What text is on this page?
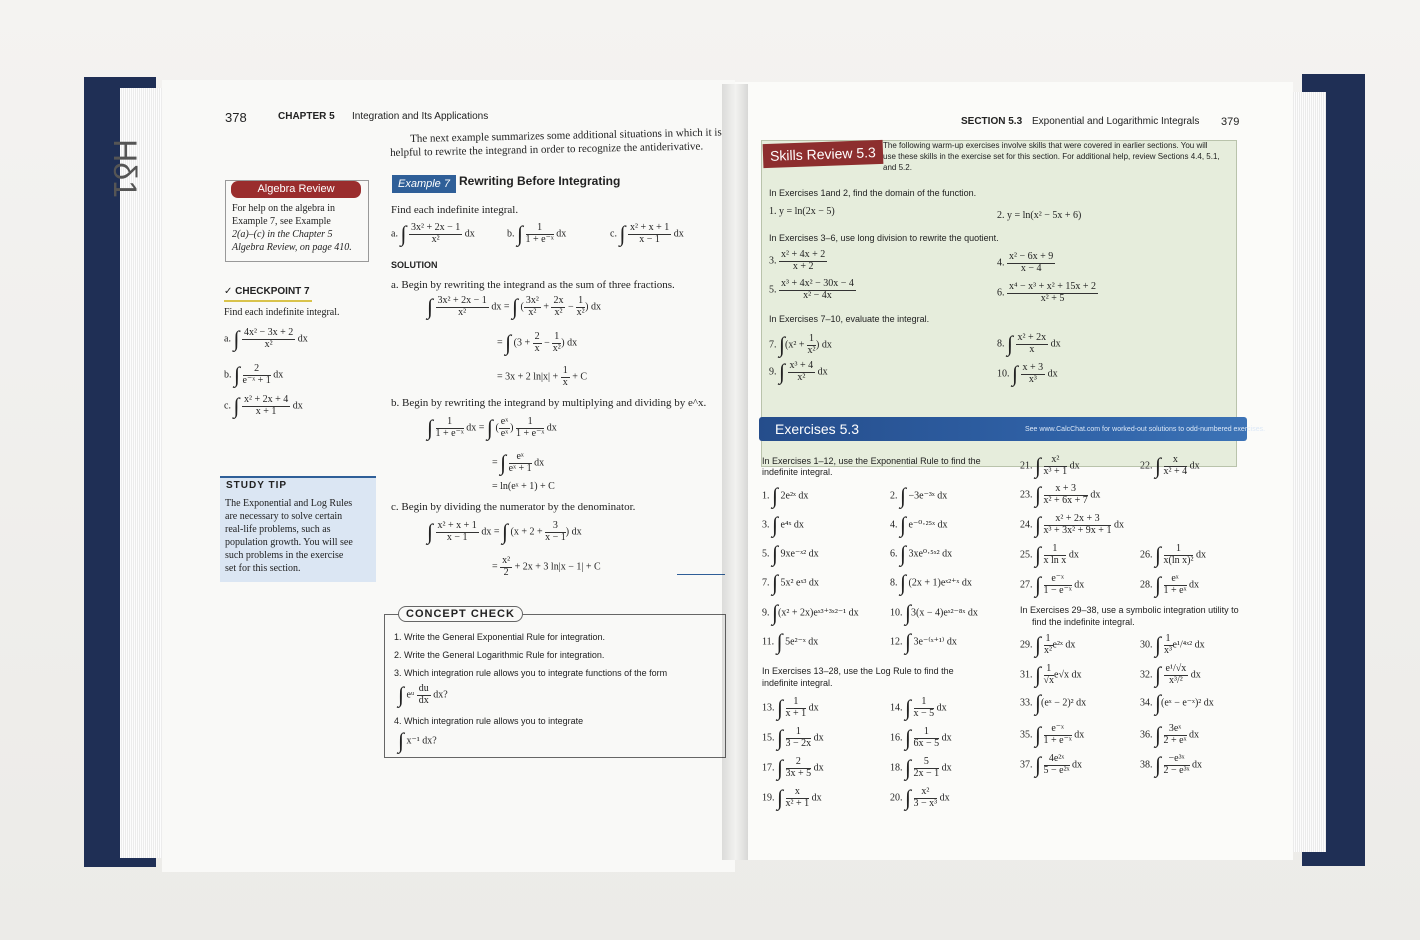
Hδ1
378	CHAPTER 5 Integration and Its Applications
The next example summarizes some additional situations in which it is
helpful to rewrite the integrand in order to recognize the antiderivative.
Example 7 Rewriting Before Integrating
Find each indefinite integral.
a. ∫ $\frac{\text{3x² + 2x − 1}}{\text{x²}}$ dx	b. ∫ $\frac{1}{\text{1 + e⁻ˣ}}$ dx	c. ∫ $\frac{\text{x² + x + 1}}{x - 1}$ dx
SOLUTION
a. Begin by rewriting the integrand as the sum of three fractions.
∫ $\frac{\text{3x² + 2x − 1}}{\text{x²}}$ dx = ∫ ( $\frac{\text{3x²}}{\text{x²}} + \frac{2x}{\text{x²}} - \frac{1}{\text{x²}}$ ) dx
= ∫ ($3 + \frac{2}{x} - \frac{1}{\text{x²}}$ ) dx
= 3x + 2 $\ln|x| + \frac{1}{x} + C$
b. Begin by rewriting the integrand by multiplying and dividing by e^x.
∫ $\frac{1}{\text{1 + e⁻ˣ}}$ dx = ∫ ( $\frac{\text{eˣ}}{\text{eˣ}}$ ) $\frac{1}{\text{1 + e⁻ˣ}}$ dx
= ∫ $\frac{\text{eˣ}}{\text{eˣ + 1}}$ dx
= ln(eˣ + 1) + C
c. Begin by dividing the numerator by the denominator.
∫ $\frac{\text{x² + x + 1}}{x - 1}$ dx = ∫ ($x + 2 + \frac{3}{x - 1}$ ) dx
= $\frac{\text{x²}}{2} + 2x + 3$ ln|x − 1| + C
Algebra Review
For help on the algebra in
Example 7, see Example
2(a)–(c) in the Chapter 5
Algebra Review, on page 410.
✓ CHECKPOINT 7
Find each indefinite integral.
a. ∫ $\frac{\text{4x² − 3x + 2}}{\text{x²}}$ dx
b. ∫ $\frac{2}{\text{e⁻ˣ + 1}}$ dx
c. ∫ $\frac{\text{x² + 2x + 4}}{x + 1}$ dx
STUDY TIP
The Exponential and Log Rules
are necessary to solve certain
real-life problems, such as
population growth. You will see
such problems in the exercise
set for this section.
CONCEPT CHECK
1. Write the General Exponential Rule for integration.
2. Write the General Logarithmic Rule for integration.
3. Which integration rule allows you to integrate functions of the form
∫ eᵘ $\frac{du}{dx}$ dx?
4. Which integration rule allows you to integrate
∫ x⁻¹ dx?
SECTION 5.3 Exponential and Logarithmic Integrals 379
Skills Review 5.3 The following warm-up exercises involve skills that were covered in earlier sections. You will
use these skills in the exercise set for this section. For additional help, review Sections 4.4, 5.1,
and 5.2.
In Exercises 1and 2, find the domain of the function.
1. y = ln(2x − 5)	2. y = ln(x² − 5x + 6)
In Exercises 3–6, use long division to rewrite the quotient.
3. $\frac{\text{x² + 4x + 2}}{x + 2}$	4. $\frac{\text{x² − 6x + 9}}{x - 4}$
5. $\frac{\text{x³ + 4x² − 30x − 4}}{\text{x² − 4x}}$	6. $\frac{\text{x⁴ − x³ + x² + 15x + 2}}{\text{x² + 5}}$
In Exercises 7–10, evaluate the integral.
7. $\int(x^2 + \frac{1}{\text{x²}}$ ) dx	8. ∫ $\frac{\text{x² + 2x}}{x}$ dx
9. ∫ $\frac{\text{x³ + 4}}{\text{x²}}$ dx	10. ∫ $\frac{x + 3}{\text{x³}}$ dx
Exercises 5.3	See www.CalcChat.com for worked-out solutions to odd-numbered exercises.
In Exercises 1–12, use the Exponential Rule to find the
indefinite integral.
1. ∫ 2e²ˣ dx	2. ∫ −3e⁻³ˣ dx
3. ∫ e⁴ˣ dx	4. ∫ e⁻⁰·²⁵ˣ dx
5. ∫ 9xe⁻ˣ² dx	6. ∫ 3xe⁰·⁵ˣ² dx
7. ∫ 5x² eˣ³ dx	8. ∫ (2x + 1)eˣ²⁺ˣ dx
9. ∫(x² + 2x)eˣ³⁺³ˣ²⁻¹ dx	10. ∫3(x − 4)eˣ²⁻⁸ˣ dx
11. ∫ 5e²⁻ˣ dx	12. ∫ 3e⁻⁽ˣ⁺¹⁾ dx
In Exercises 13–28, use the Log Rule to find the
indefinite integral.
13. ∫ $\frac{1}{x + 1}$ dx	14. ∫ $\frac{1}{x - 5}$ dx
15. ∫ $\frac{1}{3 - 2x}$ dx	16. ∫ $\frac{1}{6x - 5}$ dx
17. ∫ $\frac{2}{3x + 5}$ dx	18. ∫ $\frac{5}{2x - 1}$ dx
19. ∫ $\frac{x}{\text{x² + 1}}$ dx	20. ∫ $\frac{\text{x²}}{\text{3 − x³}}$ dx
21. ∫ $\frac{\text{x²}}{\text{x³ + 1}}$ dx	22. ∫ $\frac{x}{\text{x² + 4}}$ dx
23. ∫ $\frac{x + 3}{\text{x² + 6x + 7}}$ dx
24. ∫ $\frac{\text{x² + 2x + 3}}{\text{x³ + 3x² + 9x + 1}}$ dx
25. ∫ $\frac{1}{\text{x ln x}}$ dx	26. ∫ $\frac{1}{\text{x(ln x)²}}$ dx
27. ∫ $\frac{\text{e⁻ˣ}}{\text{1 − e⁻ˣ}}$ dx	28. ∫ $\frac{\text{eˣ}}{\text{1 + eˣ}}$ dx
In Exercises 29–38, use a symbolic integration utility to
find the indefinite integral.
29. ∫ $\frac{1}{\text{x²}}$ e²ˣ dx	30. ∫ $\frac{1}{\text{x³}}$ e¹/⁴ˣ² dx
31. ∫ $\frac{1}{√x} e√x$ dx	32. ∫ $\frac{\text{e¹/√x}}{\text{x³/²}}$ dx
33. ∫(eˣ − 2)² dx	34. ∫(eˣ − e⁻ˣ)² dx
35. ∫ $\frac{\text{e⁻ˣ}}{\text{1 + e⁻ˣ}}$ dx	36. ∫ $\frac{\text{3eˣ}}{\text{2 + eˣ}}$ dx
37. ∫ $\frac{\text{4e²ˣ}}{\text{5 − e²ˣ}}$ dx	38. ∫ $\frac{\text{−e³ˣ}}{\text{2 − e³ˣ}}$ dx
